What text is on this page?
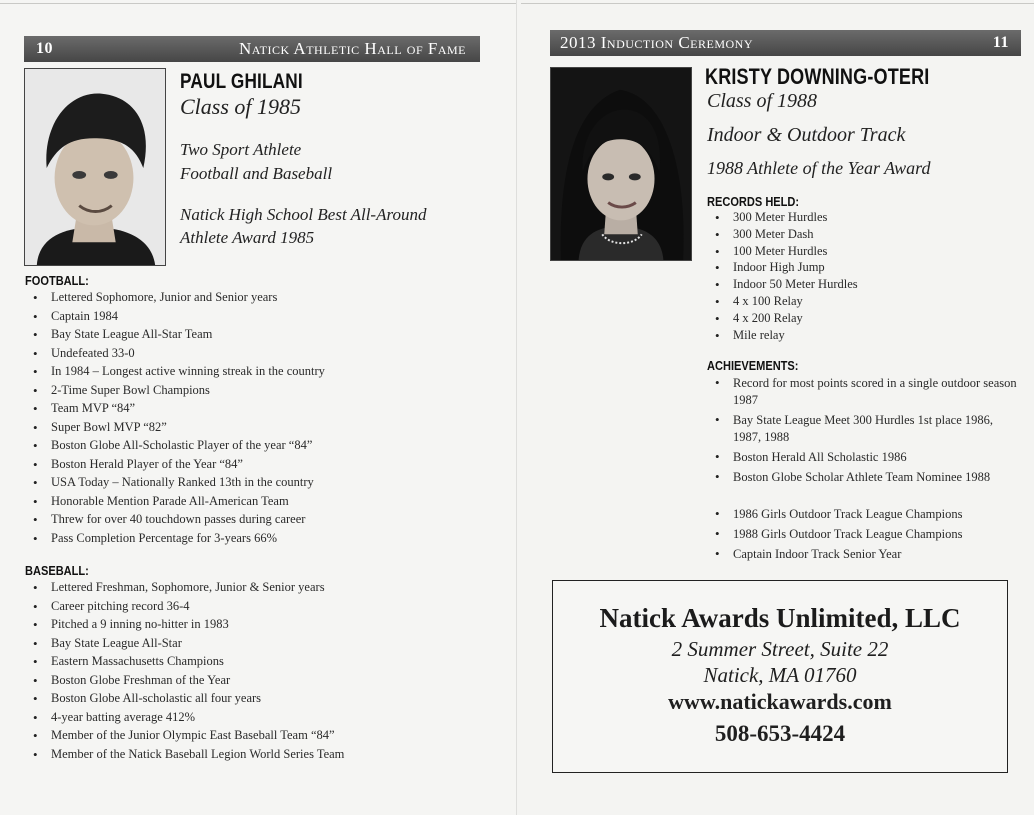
10	Natick Athletic Hall of Fame
PAUL GHILANI
Class of 1985
Two Sport Athlete
Football and Baseball
Natick High School Best All-Around
Athlete Award 1985
FOOTBALL:
• Lettered Sophomore, Junior and Senior years
• Captain 1984
• Bay State League All-Star Team
• Undefeated 33-0
• In 1984 – Longest active winning streak in the country
• 2-Time Super Bowl Champions
• Team MVP “84”
• Super Bowl MVP “82”
• Boston Globe All-Scholastic Player of the year “84”
• Boston Herald Player of the Year “84”
• USA Today – Nationally Ranked 13th in the country
• Honorable Mention Parade All-American Team
• Threw for over 40 touchdown passes during career
• Pass Completion Percentage for 3-years 66%
BASEBALL:
• Lettered Freshman, Sophomore, Junior & Senior years
• Career pitching record 36-4
• Pitched a 9 inning no-hitter in 1983
• Bay State League All-Star
• Eastern Massachusetts Champions
• Boston Globe Freshman of the Year
• Boston Globe All-scholastic all four years
• 4-year batting average 412%
• Member of the Junior Olympic East Baseball Team “84”
• Member of the Natick Baseball Legion World Series Team
2013 Induction Ceremony	11
KRISTY DOWNING-OTERI
Class of 1988
Indoor & Outdoor Track
1988 Athlete of the Year Award
RECORDS HELD:
• 300 Meter Hurdles
• 300 Meter Dash
• 100 Meter Hurdles
• Indoor High Jump
• Indoor 50 Meter Hurdles
• 4 x 100 Relay
• 4 x 200 Relay
• Mile relay
ACHIEVEMENTS:
• Record for most points scored in a single outdoor season 1987
• Bay State League Meet 300 Hurdles 1st place 1986, 1987, 1988
• Boston Herald All Scholastic 1986
• Boston Globe Scholar Athlete Team Nominee 1988
• 1986 Girls Outdoor Track League Champions
• 1988 Girls Outdoor Track League Champions
• Captain Indoor Track Senior Year
Natick Awards Unlimited, LLC
2 Summer Street, Suite 22
Natick, MA 01760
www.natickawards.com
508-653-4424
